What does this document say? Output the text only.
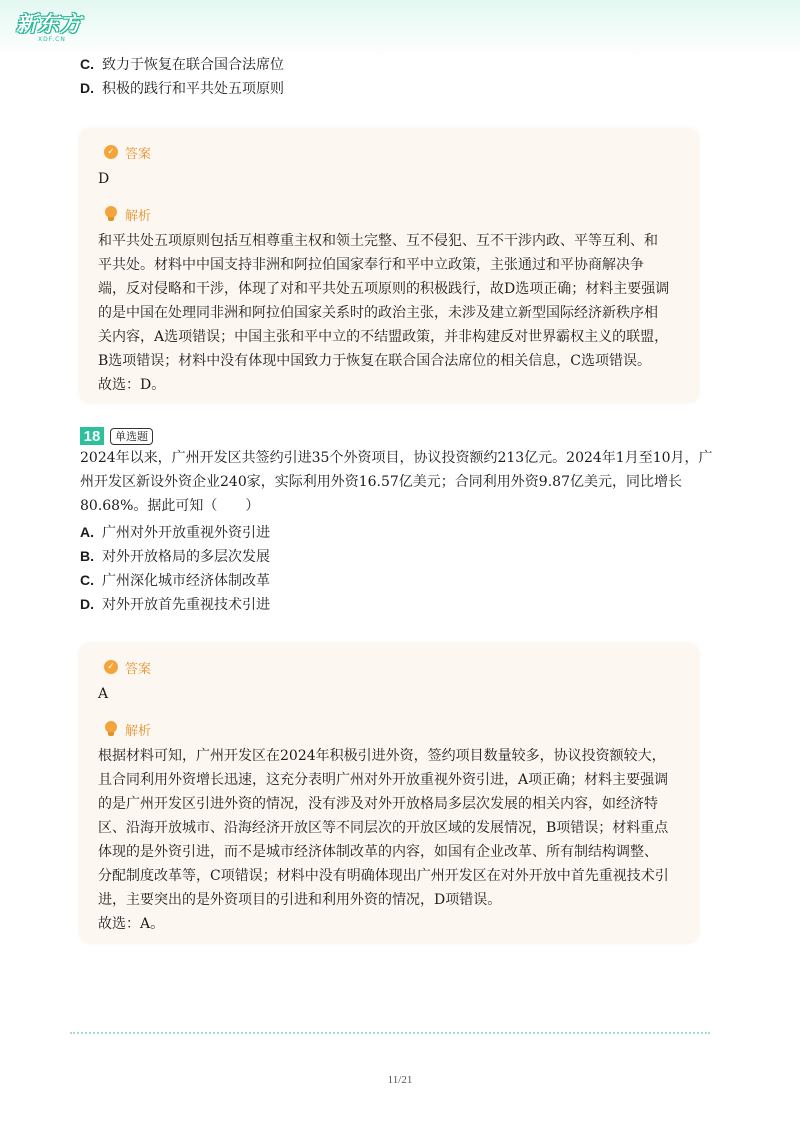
新东方
XDF.CN
C. 致力于恢复在联合国合法席位
D. 积极的践行和平共处五项原则
✓ 答案
D
解析
和平共处五项原则包括互相尊重主权和领土完整、互不侵犯、互不干涉内政、平等互利、和
平共处。材料中中国支持非洲和阿拉伯国家奉行和平中立政策，主张通过和平协商解决争
端，反对侵略和干涉，体现了对和平共处五项原则的积极践行，故D选项正确；材料主要强调
的是中国在处理同非洲和阿拉伯国家关系时的政治主张，未涉及建立新型国际经济新秩序相
关内容，A选项错误；中国主张和平中立的不结盟政策，并非构建反对世界霸权主义的联盟，
B选项错误；材料中没有体现中国致力于恢复在联合国合法席位的相关信息，C选项错误。
故选：D。
18	单选题
2024年以来，广州开发区共签约引进35个外资项目，协议投资额约213亿元。2024年1月至10月，广
州开发区新设外资企业240家，实际利用外资16.57亿美元；合同利用外资9.87亿美元，同比增长
80.68%。据此可知（　　）
A. 广州对外开放重视外资引进
B. 对外开放格局的多层次发展
C. 广州深化城市经济体制改革
D. 对外开放首先重视技术引进
✓ 答案
A
解析
根据材料可知，广州开发区在2024年积极引进外资，签约项目数量较多，协议投资额较大，
且合同利用外资增长迅速，这充分表明广州对外开放重视外资引进，A项正确；材料主要强调
的是广州开发区引进外资的情况，没有涉及对外开放格局多层次发展的相关内容，如经济特
区、沿海开放城市、沿海经济开放区等不同层次的开放区域的发展情况，B项错误；材料重点
体现的是外资引进，而不是城市经济体制改革的内容，如国有企业改革、所有制结构调整、
分配制度改革等，C项错误；材料中没有明确体现出广州开发区在对外开放中首先重视技术引
进，主要突出的是外资项目的引进和利用外资的情况，D项错误。
故选：A。
11/21
